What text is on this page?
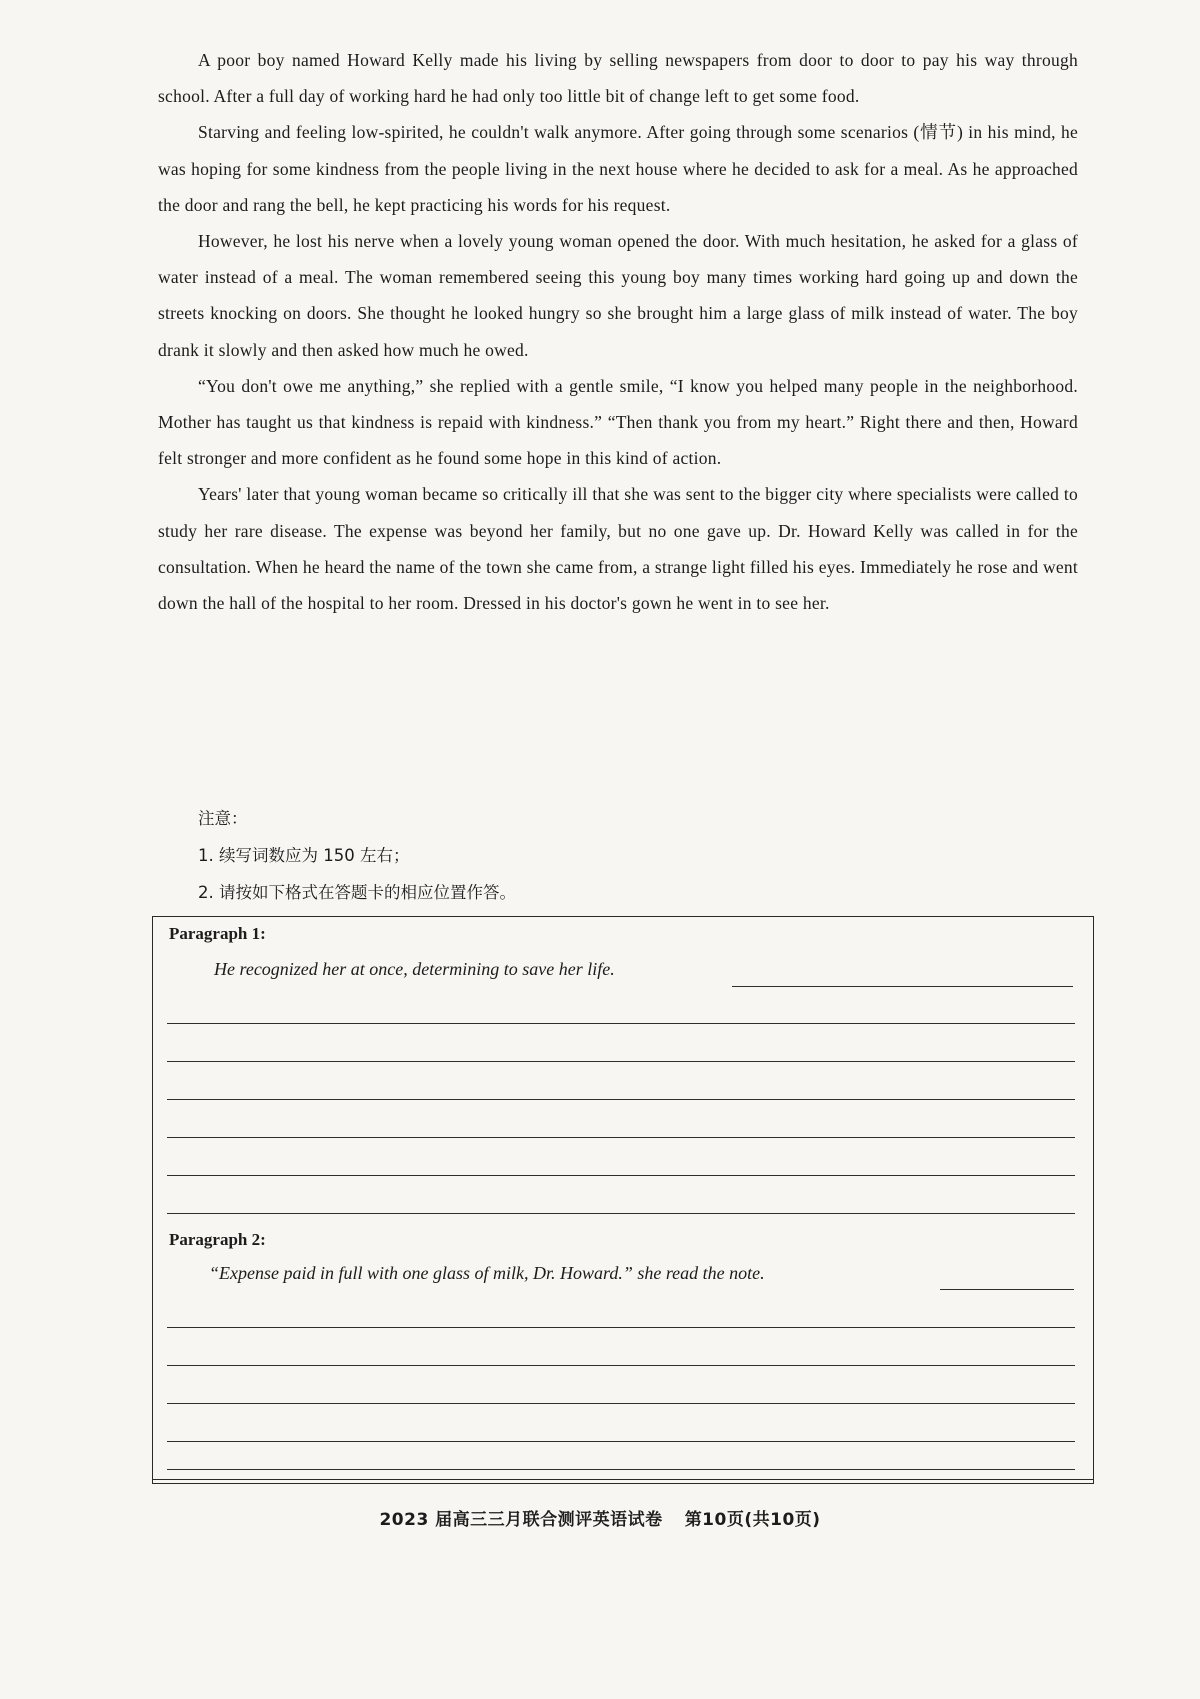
A poor boy named Howard Kelly made his living by selling newspapers from door to door to pay his way through school. After a full day of working hard he had only too little bit of change left to get some food.

Starving and feeling low-spirited, he couldn't walk anymore. After going through some scenarios (情节) in his mind, he was hoping for some kindness from the people living in the next house where he decided to ask for a meal. As he approached the door and rang the bell, he kept practicing his words for his request.

However, he lost his nerve when a lovely young woman opened the door. With much hesitation, he asked for a glass of water instead of a meal. The woman remembered seeing this young boy many times working hard going up and down the streets knocking on doors. She thought he looked hungry so she brought him a large glass of milk instead of water. The boy drank it slowly and then asked how much he owed.

“You don't owe me anything,” she replied with a gentle smile, “I know you helped many people in the neighborhood. Mother has taught us that kindness is repaid with kindness.” “Then thank you from my heart.” Right there and then, Howard felt stronger and more confident as he found some hope in this kind of action.

Years' later that young woman became so critically ill that she was sent to the bigger city where specialists were called to study her rare disease. The expense was beyond her family, but no one gave up. Dr. Howard Kelly was called in for the consultation. When he heard the name of the town she came from, a strange light filled his eyes. Immediately he rose and went down the hall of the hospital to her room. Dressed in his doctor's gown he went in to see her.

注意：
1. 续写词数应为 150 左右；
2. 请按如下格式在答题卡的相应位置作答。
Paragraph 1:
He recognized her at once, determining to save her life.
Paragraph 2:
“Expense paid in full with one glass of milk, Dr. Howard.” she read the note.
2023 届高三三月联合测评英语试卷 第10页(共10页)
